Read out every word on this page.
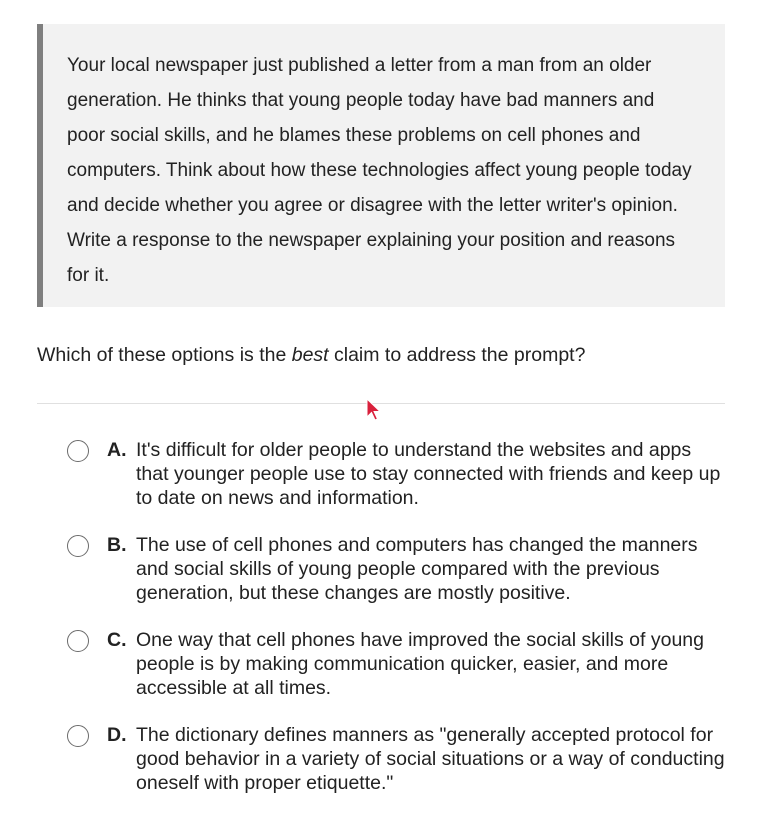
Your local newspaper just published a letter from a man from an older generation. He thinks that young people today have bad manners and poor social skills, and he blames these problems on cell phones and computers. Think about how these technologies affect young people today and decide whether you agree or disagree with the letter writer's opinion. Write a response to the newspaper explaining your position and reasons for it.

Which of these options is the best claim to address the prompt?
A. It's difficult for older people to understand the websites and apps that younger people use to stay connected with friends and keep up to date on news and information.
B. The use of cell phones and computers has changed the manners and social skills of young people compared with the previous generation, but these changes are mostly positive.
C. One way that cell phones have improved the social skills of young people is by making communication quicker, easier, and more accessible at all times.
D. The dictionary defines manners as "generally accepted protocol for good behavior in a variety of social situations or a way of conducting oneself with proper etiquette."
